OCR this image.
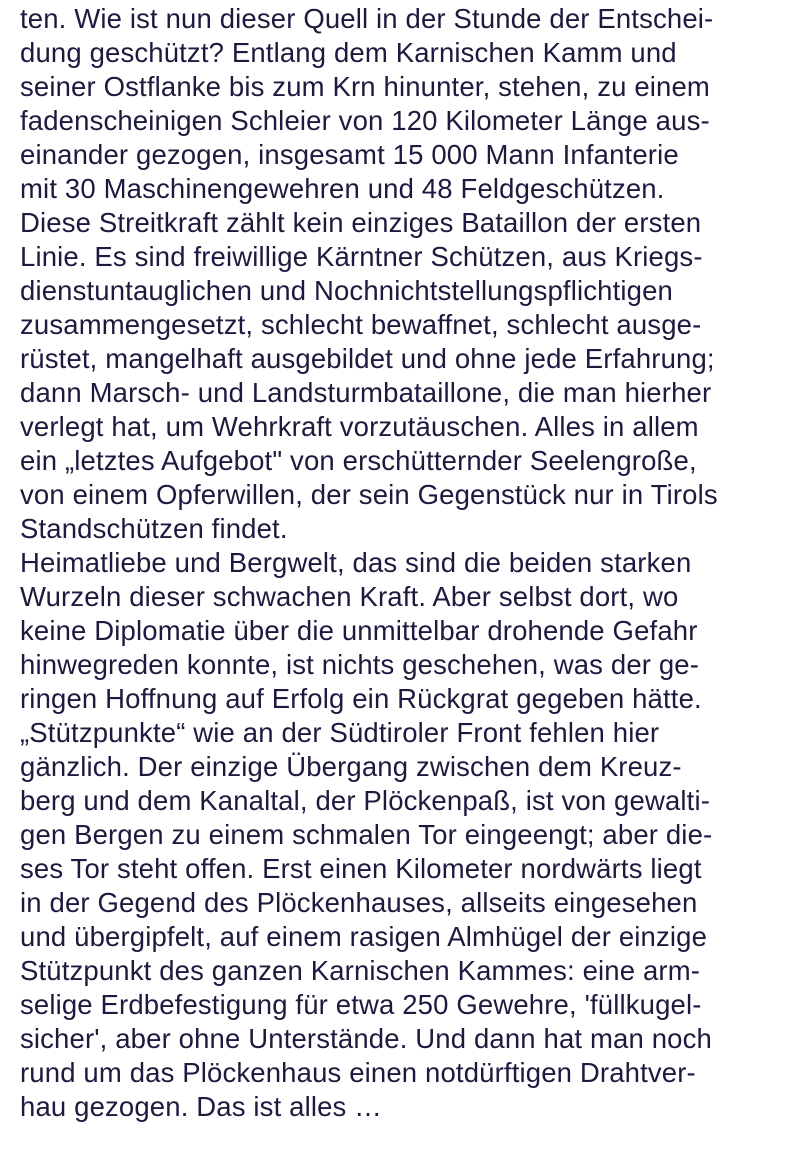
ten. Wie ist nun dieser Quell in der Stunde der Entschei-
dung geschützt? Entlang dem Karnischen Kamm und
seiner Ostflanke bis zum Krn hinunter, stehen, zu einem
fadenscheinigen Schleier von 120 Kilometer Länge aus-
einander gezogen, insgesamt 15 000 Mann Infanterie
mit 30 Maschinengewehren und 48 Feldgeschützen.
Diese Streitkraft zählt kein einziges Bataillon der ersten
Linie. Es sind freiwillige Kärntner Schützen, aus Kriegs-
dienstuntauglichen und Nochnichtstellungspflichtigen
zusammengesetzt, schlecht bewaffnet, schlecht ausge-
rüstet, mangelhaft ausgebildet und ohne jede Erfahrung;
dann Marsch- und Landsturmbataillone, die man hierher
verlegt hat, um Wehrkraft vorzutäuschen. Alles in allem
ein „letztes Aufgebot" von erschütternder Seelengroße,
von einem Opferwillen, der sein Gegenstück nur in Tirols
Standschützen findet.
Heimatliebe und Bergwelt, das sind die beiden starken
Wurzeln dieser schwachen Kraft. Aber selbst dort, wo
keine Diplomatie über die unmittelbar drohende Gefahr
hinwegreden konnte, ist nichts geschehen, was der ge-
ringen Hoffnung auf Erfolg ein Rückgrat gegeben hätte.
„Stützpunkte“ wie an der Südtiroler Front fehlen hier
gänzlich. Der einzige Übergang zwischen dem Kreuz-
berg und dem Kanaltal, der Plöckenpaß, ist von gewalti-
gen Bergen zu einem schmalen Tor eingeengt; aber die-
ses Tor steht offen. Erst einen Kilometer nordwärts liegt
in der Gegend des Plöckenhauses, allseits eingesehen
und übergipfelt, auf einem rasigen Almhügel der einzige
Stützpunkt des ganzen Karnischen Kammes: eine arm-
selige Erdbefestigung für etwa 250 Gewehre, 'füllkugel-
sicher', aber ohne Unterstände. Und dann hat man noch
rund um das Plöckenhaus einen notdürftigen Drahtver-
hau gezogen. Das ist alles …
